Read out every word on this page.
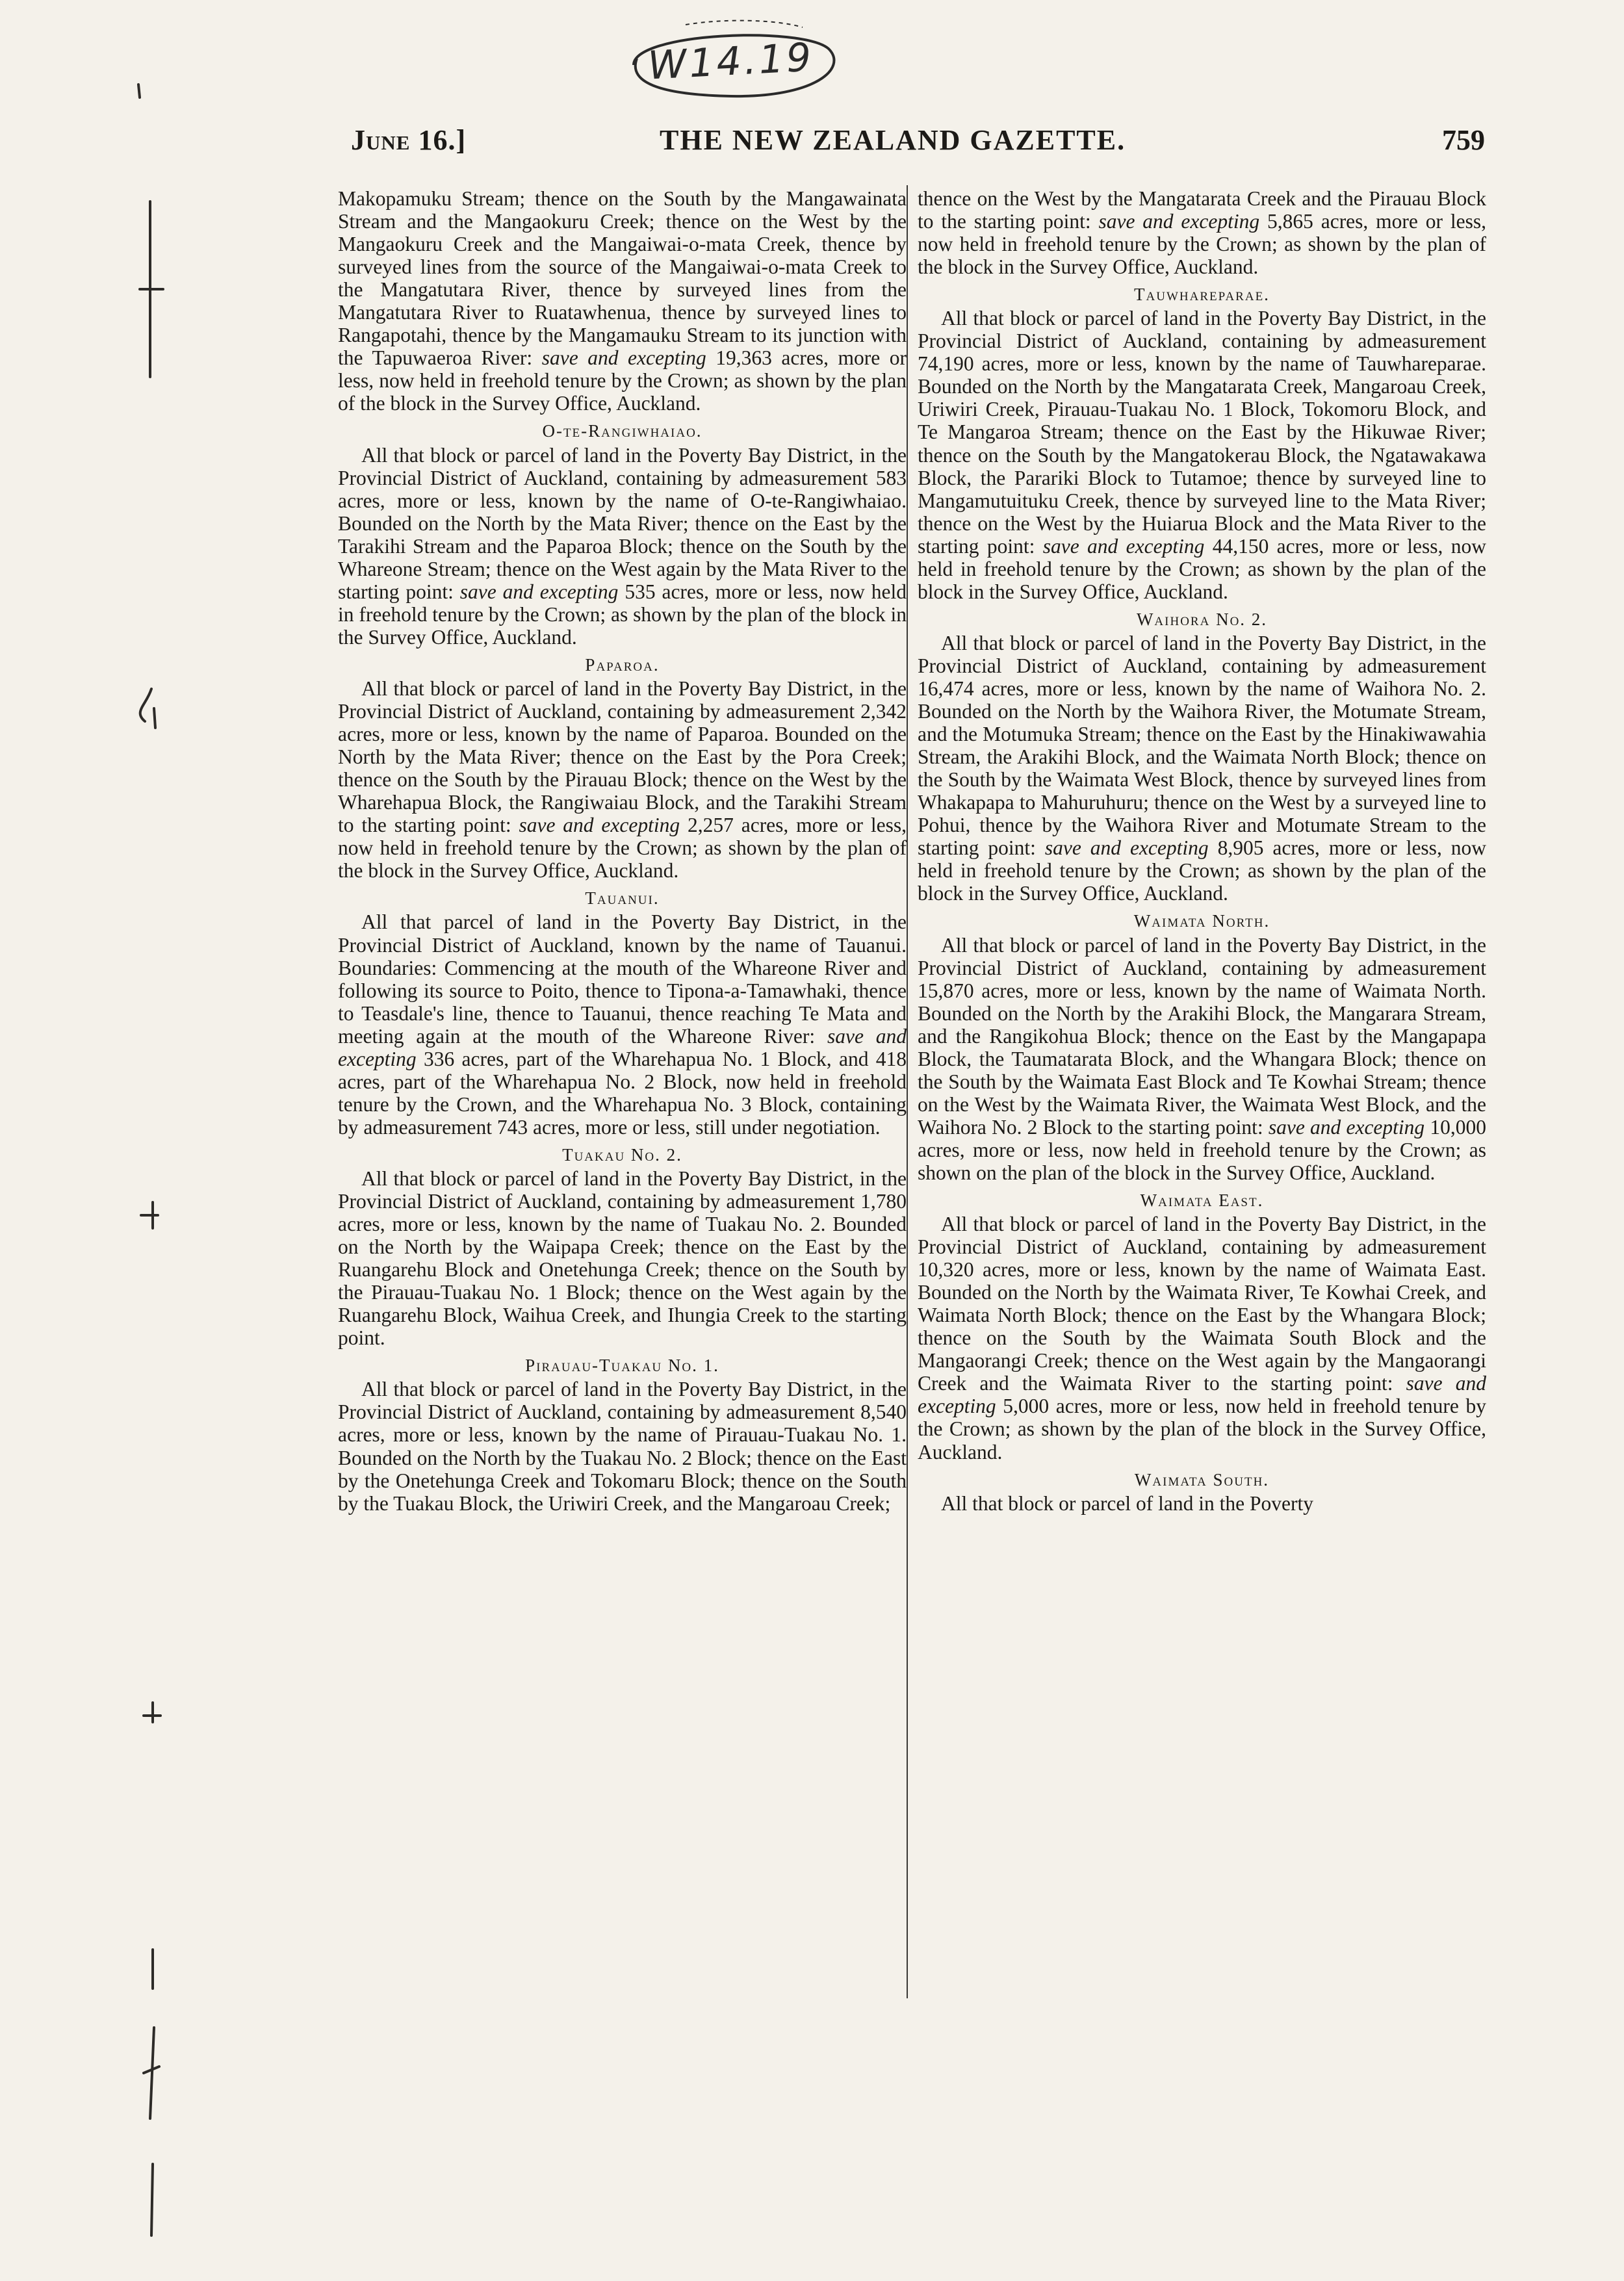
W14.19
June 16.]	THE NEW ZEALAND GAZETTE.	759

Makopamuku Stream; thence on the South by the Mangawainata Stream and the Mangaokuru Creek; thence on the West by the Mangaokuru Creek and the Mangaiwai-o-mata Creek, thence by surveyed lines from the source of the Mangaiwai-o-mata Creek to the Mangatutara River, thence by surveyed lines from the Mangatutara River to Ruatawhenua, thence by surveyed lines to Rangapotahi, thence by the Mangamauku Stream to its junction with the Tapuwaeroa River: save and excepting 19,363 acres, more or less, now held in freehold tenure by the Crown; as shown by the plan of the block in the Survey Office, Auckland.

O-te-Rangiwhaiao.

All that block or parcel of land in the Poverty Bay District, in the Provincial District of Auckland, containing by admeasurement 583 acres, more or less, known by the name of O-te-Rangiwhaiao. Bounded on the North by the Mata River; thence on the East by the Tarakihi Stream and the Paparoa Block; thence on the South by the Whareone Stream; thence on the West again by the Mata River to the starting point: save and excepting 535 acres, more or less, now held in freehold tenure by the Crown; as shown by the plan of the block in the Survey Office, Auckland.

Paparoa.

All that block or parcel of land in the Poverty Bay District, in the Provincial District of Auckland, containing by admeasurement 2,342 acres, more or less, known by the name of Paparoa. Bounded on the North by the Mata River; thence on the East by the Pora Creek; thence on the South by the Pirauau Block; thence on the West by the Wharehapua Block, the Rangiwaiau Block, and the Tarakihi Stream to the starting point: save and excepting 2,257 acres, more or less, now held in freehold tenure by the Crown; as shown by the plan of the block in the Survey Office, Auckland.

Tauanui.

All that parcel of land in the Poverty Bay District, in the Provincial District of Auckland, known by the name of Tauanui. Boundaries: Commencing at the mouth of the Whareone River and following its source to Poito, thence to Tipona-a-Tamawhaki, thence to Teasdale's line, thence to Tauanui, thence reaching Te Mata and meeting again at the mouth of the Whareone River: save and excepting 336 acres, part of the Wharehapua No. 1 Block, and 418 acres, part of the Wharehapua No. 2 Block, now held in freehold tenure by the Crown, and the Wharehapua No. 3 Block, containing by admeasurement 743 acres, more or less, still under negotiation.

Tuakau No. 2.

All that block or parcel of land in the Poverty Bay District, in the Provincial District of Auckland, containing by admeasurement 1,780 acres, more or less, known by the name of Tuakau No. 2. Bounded on the North by the Waipapa Creek; thence on the East by the Ruangarehu Block and Onetehunga Creek; thence on the South by the Pirauau-Tuakau No. 1 Block; thence on the West again by the Ruangarehu Block, Waihua Creek, and Ihungia Creek to the starting point.

Pirauau-Tuakau No. 1.

All that block or parcel of land in the Poverty Bay District, in the Provincial District of Auckland, containing by admeasurement 8,540 acres, more or less, known by the name of Pirauau-Tuakau No. 1. Bounded on the North by the Tuakau No. 2 Block; thence on the East by the Onetehunga Creek and Tokomaru Block; thence on the South by the Tuakau Block, the Uriwiri Creek, and the Mangaroau Creek;

thence on the West by the Mangatarata Creek and the Pirauau Block to the starting point: save and excepting 5,865 acres, more or less, now held in freehold tenure by the Crown; as shown by the plan of the block in the Survey Office, Auckland.

Tauwhareparae.

All that block or parcel of land in the Poverty Bay District, in the Provincial District of Auckland, containing by admeasurement 74,190 acres, more or less, known by the name of Tauwhareparae. Bounded on the North by the Mangatarata Creek, Mangaroau Creek, Uriwiri Creek, Pirauau-Tuakau No. 1 Block, Tokomoru Block, and Te Mangaroa Stream; thence on the East by the Hikuwae River; thence on the South by the Mangatokerau Block, the Ngatawakawa Block, the Parariki Block to Tutamoe; thence by surveyed line to Mangamutuituku Creek, thence by surveyed line to the Mata River; thence on the West by the Huiarua Block and the Mata River to the starting point: save and excepting 44,150 acres, more or less, now held in freehold tenure by the Crown; as shown by the plan of the block in the Survey Office, Auckland.

Waihora No. 2.

All that block or parcel of land in the Poverty Bay District, in the Provincial District of Auckland, containing by admeasurement 16,474 acres, more or less, known by the name of Waihora No. 2. Bounded on the North by the Waihora River, the Motumate Stream, and the Motumuka Stream; thence on the East by the Hinakiwawahia Stream, the Arakihi Block, and the Waimata North Block; thence on the South by the Waimata West Block, thence by surveyed lines from Whakapapa to Mahuruhuru; thence on the West by a surveyed line to Pohui, thence by the Waihora River and Motumate Stream to the starting point: save and excepting 8,905 acres, more or less, now held in freehold tenure by the Crown; as shown by the plan of the block in the Survey Office, Auckland.

Waimata North.

All that block or parcel of land in the Poverty Bay District, in the Provincial District of Auckland, containing by admeasurement 15,870 acres, more or less, known by the name of Waimata North. Bounded on the North by the Arakihi Block, the Mangarara Stream, and the Rangikohua Block; thence on the East by the Mangapapa Block, the Taumatarata Block, and the Whangara Block; thence on the South by the Waimata East Block and Te Kowhai Stream; thence on the West by the Waimata River, the Waimata West Block, and the Waihora No. 2 Block to the starting point: save and excepting 10,000 acres, more or less, now held in freehold tenure by the Crown; as shown on the plan of the block in the Survey Office, Auckland.

Waimata East.

All that block or parcel of land in the Poverty Bay District, in the Provincial District of Auckland, containing by admeasurement 10,320 acres, more or less, known by the name of Waimata East. Bounded on the North by the Waimata River, Te Kowhai Creek, and Waimata North Block; thence on the East by the Whangara Block; thence on the South by the Waimata South Block and the Mangaorangi Creek; thence on the West again by the Mangaorangi Creek and the Waimata River to the starting point: save and excepting 5,000 acres, more or less, now held in freehold tenure by the Crown; as shown by the plan of the block in the Survey Office, Auckland.

Waimata South.

All that block or parcel of land in the Poverty
